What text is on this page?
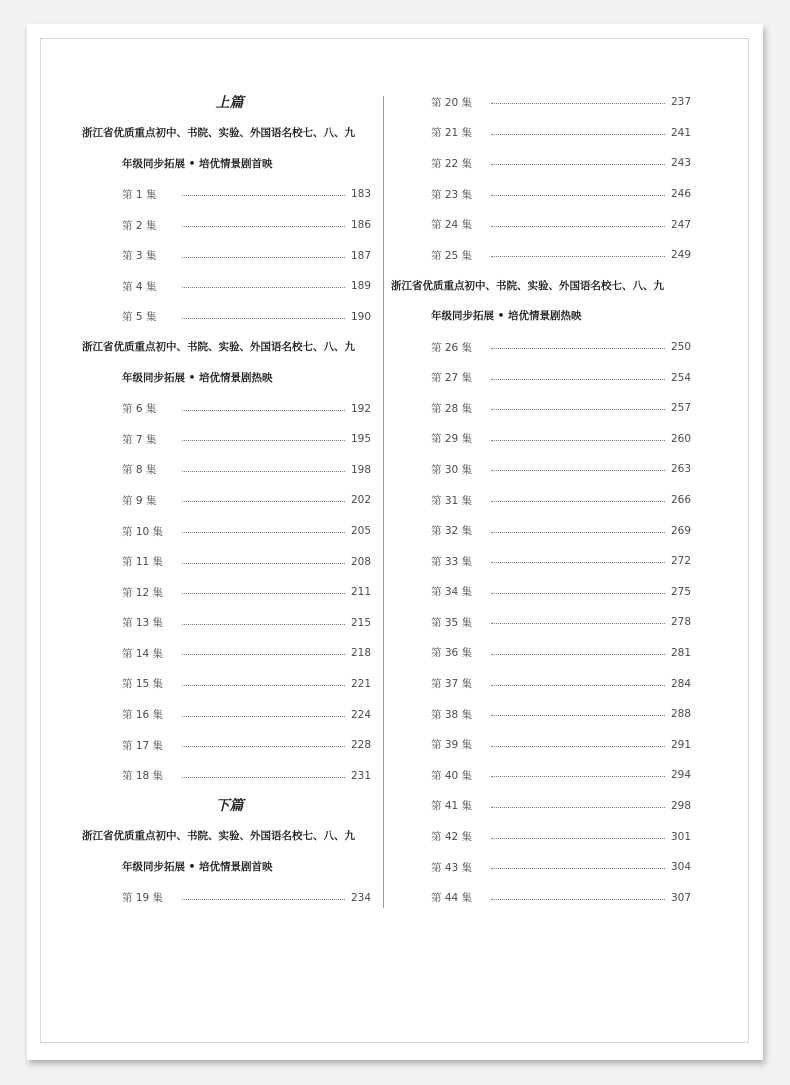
上篇
浙江省优质重点初中、书院、实验、外国语名校七、八、九
年级同步拓展 • 培优情景剧首映
第 1 集	183
第 2 集	186
第 3 集	187
第 4 集	189
第 5 集	190
浙江省优质重点初中、书院、实验、外国语名校七、八、九
年级同步拓展 • 培优情景剧热映
第 6 集	192
第 7 集	195
第 8 集	198
第 9 集	202
第 10 集	205
第 11 集	208
第 12 集	211
第 13 集	215
第 14 集	218
第 15 集	221
第 16 集	224
第 17 集	228
第 18 集	231
下篇
浙江省优质重点初中、书院、实验、外国语名校七、八、九
年级同步拓展 • 培优情景剧首映
第 19 集	234
第 20 集	237
第 21 集	241
第 22 集	243
第 23 集	246
第 24 集	247
第 25 集	249
浙江省优质重点初中、书院、实验、外国语名校七、八、九
年级同步拓展 • 培优情景剧热映
第 26 集	250
第 27 集	254
第 28 集	257
第 29 集	260
第 30 集	263
第 31 集	266
第 32 集	269
第 33 集	272
第 34 集	275
第 35 集	278
第 36 集	281
第 37 集	284
第 38 集	288
第 39 集	291
第 40 集	294
第 41 集	298
第 42 集	301
第 43 集	304
第 44 集	307
